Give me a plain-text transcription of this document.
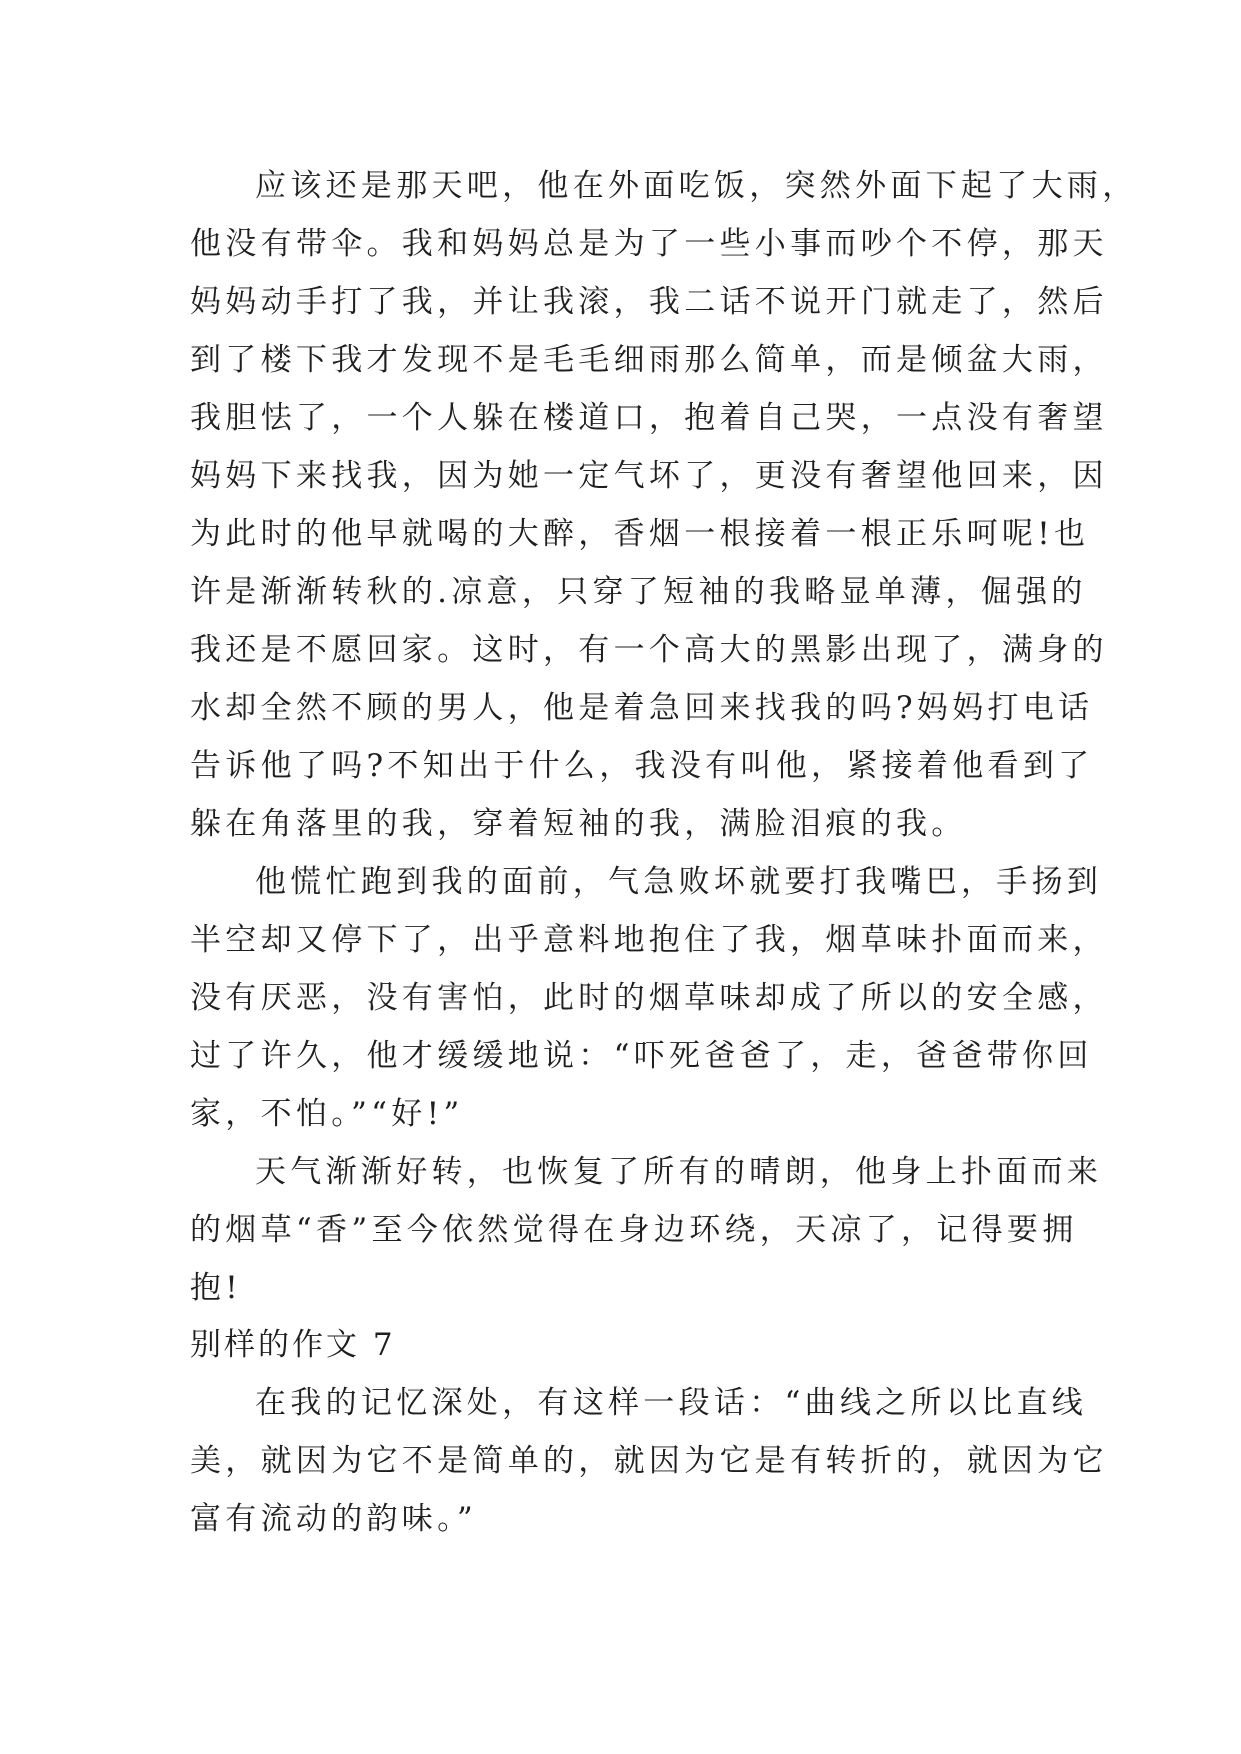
应该还是那天吧，他在外面吃饭，突然外面下起了大雨，
他没有带伞。我和妈妈总是为了一些小事而吵个不停，那天
妈妈动手打了我，并让我滚，我二话不说开门就走了，然后
到了楼下我才发现不是毛毛细雨那么简单，而是倾盆大雨，
我胆怯了，一个人躲在楼道口，抱着自己哭，一点没有奢望
妈妈下来找我，因为她一定气坏了，更没有奢望他回来，因
为此时的他早就喝的大醉，香烟一根接着一根正乐呵呢!也
许是渐渐转秋的.凉意，只穿了短袖的我略显单薄，倔强的
我还是不愿回家。这时，有一个高大的黑影出现了，满身的
水却全然不顾的男人，他是着急回来找我的吗?妈妈打电话
告诉他了吗?不知出于什么，我没有叫他，紧接着他看到了
躲在角落里的我，穿着短袖的我，满脸泪痕的我。
他慌忙跑到我的面前，气急败坏就要打我嘴巴，手扬到
半空却又停下了，出乎意料地抱住了我，烟草味扑面而来，
没有厌恶，没有害怕，此时的烟草味却成了所以的安全感，
过了许久，他才缓缓地说：“吓死爸爸了，走，爸爸带你回
家，不怕。”“好!”
天气渐渐好转，也恢复了所有的晴朗，他身上扑面而来
的烟草“香”至今依然觉得在身边环绕，天凉了，记得要拥
抱!
别样的作文 7
在我的记忆深处，有这样一段话：“曲线之所以比直线
美，就因为它不是简单的，就因为它是有转折的，就因为它
富有流动的韵味。”
